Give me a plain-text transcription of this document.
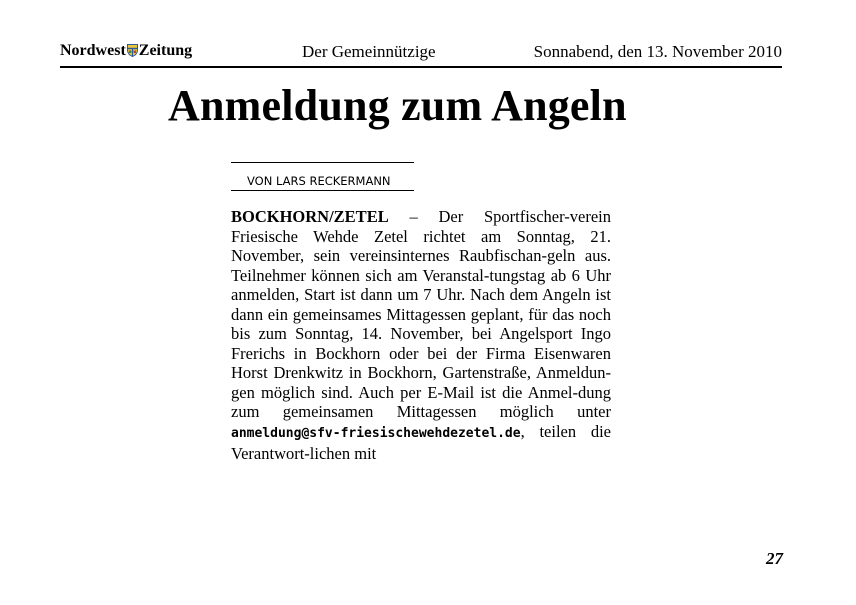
Nordwest Zeitung	Der Gemeinnützige	Sonnabend, den 13. November 2010
Anmeldung zum Angeln
VON LARS RECKERMANN
BOCKHORN/ZETEL – Der Sportfischer-verein Friesische Wehde Zetel richtet am Sonntag, 21. November, sein vereinsinternes Raubfischan-geln aus. Teilnehmer können sich am Veranstal-tungstag ab 6 Uhr anmelden, Start ist dann um 7 Uhr. Nach dem Angeln ist dann ein gemeinsames Mittagessen geplant, für das noch bis zum Sonntag, 14. November, bei Angelsport Ingo Frerichs in Bockhorn oder bei der Firma Eisenwaren Horst Drenkwitz in Bockhorn, Gartenstraße, Anmeldun-gen möglich sind. Auch per E-Mail ist die Anmel-dung zum gemeinsamen Mittagessen möglich unter anmeldung@sfv-friesischewehdezetel.de, teilen die Verantwort-lichen mit
27
